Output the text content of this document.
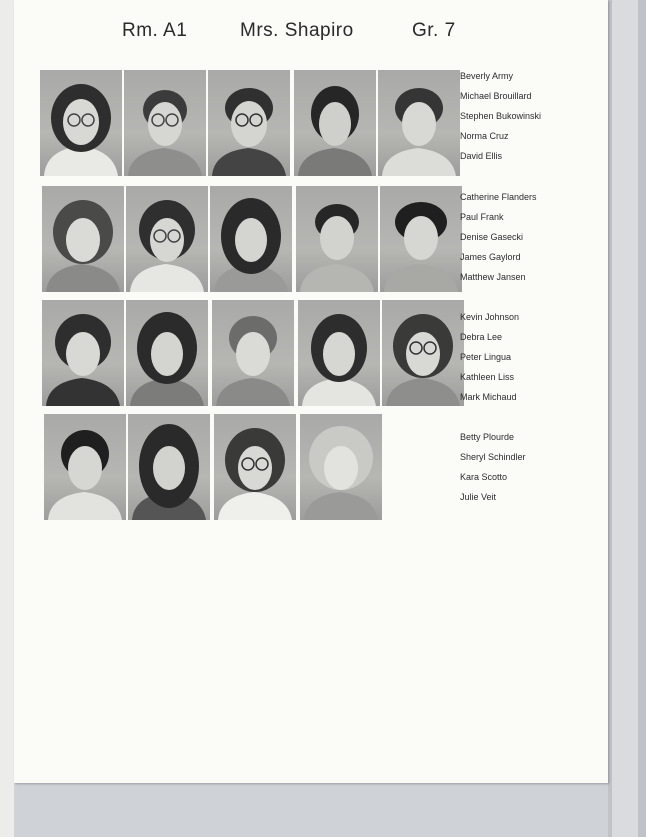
Rm. A1	Mrs. Shapiro	Gr. 7
Beverly Army
Michael Brouillard
Stephen Bukowinski
Norma Cruz
David Ellis
Catherine Flanders
Paul Frank
Denise Gasecki
James Gaylord
Matthew Jansen
Kevin Johnson
Debra Lee
Peter Lingua
Kathleen Liss
Mark Michaud
Betty Plourde
Sheryl Schindler
Kara Scotto
Julie Veit
